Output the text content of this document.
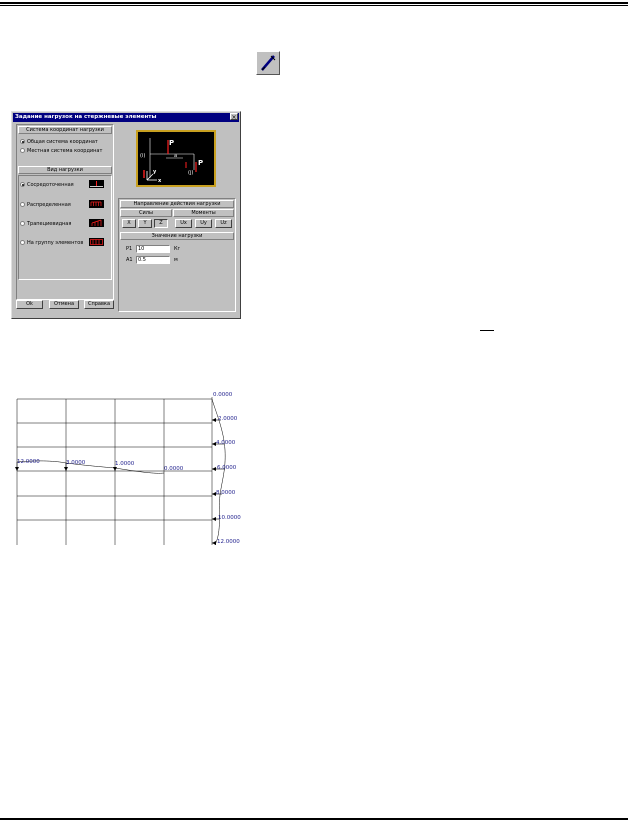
Задание нагрузок на стержневые элементы	×
Система координат нагрузки
Общая система координат
Местная система координат
Вид нагрузки
Сосредоточенная
Распределенная
Трапециевидная
На группу элементов
Ok	Отмена	Справка
P
P
(i)
(j)
a
x
y
Направление действия нагрузки
Силы	Моменты
X	Y	Z	Ux	Uy	Uz
Значение нагрузки
P1	10	Кг
A1	0.5	м
12.0000	3.0000	1.0000
0.0000
0.0000
2.0000
4.0000
6.0000
8.0000
10.0000
12.0000
